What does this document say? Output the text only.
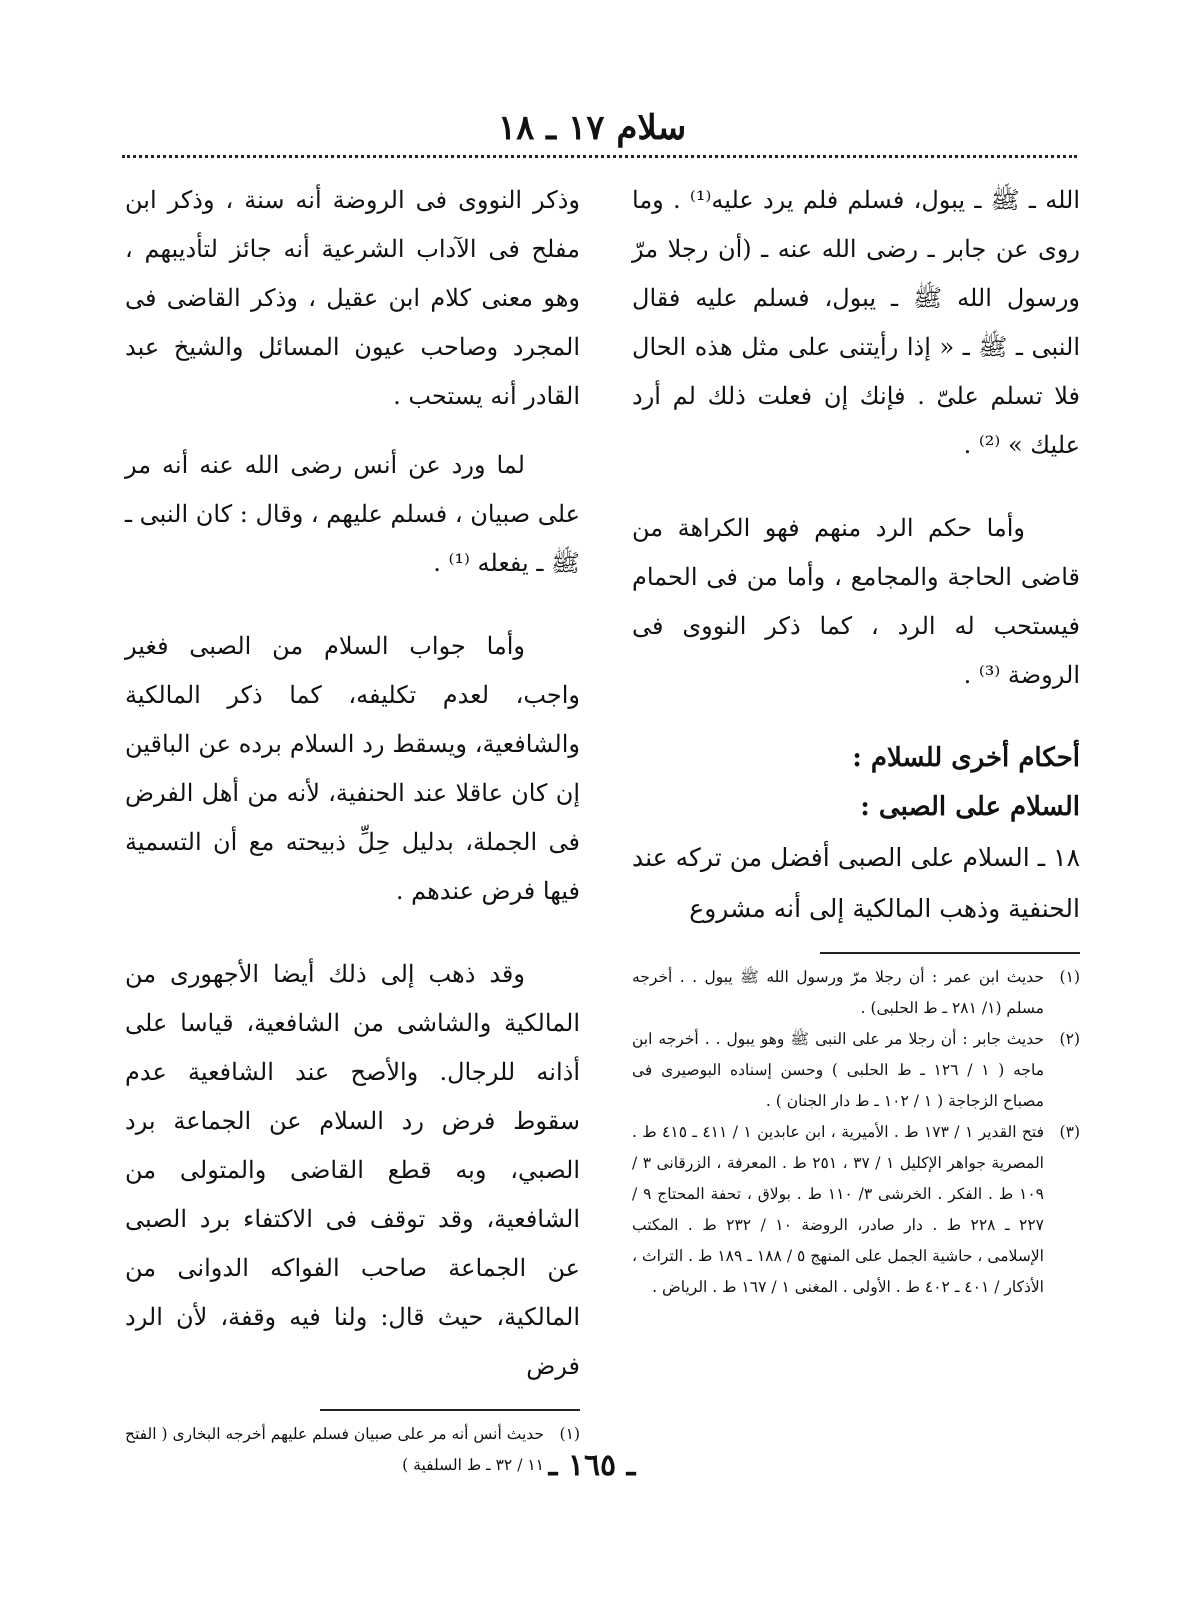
سلام ١٧ ـ ١٨

الله ـ ﷺ ـ يبول، فسلم فلم يرد عليه⁽¹⁾ . وما روى عن جابر ـ رضى الله عنه ـ (أن رجلا مرّ ورسول الله ﷺ ـ يبول، فسلم عليه فقال النبى ـ ﷺ ـ « إذا رأيتنى على مثل هذه الحال فلا تسلم علىّ . فإنك إن فعلت ذلك لم أرد عليك » ⁽²⁾ .

وأما حكم الرد منهم فهو الكراهة من قاضى الحاجة والمجامع ، وأما من فى الحمام فيستحب له الرد ، كما ذكر النووى فى الروضة ⁽³⁾ .

أحكام أخرى للسلام :

السلام على الصبى :

١٨ ـ السلام على الصبى أفضل من تركه عند الحنفية وذهب المالكية إلى أنه مشروع

(١)
حديث ابن عمر : أن رجلا مرّ ورسول الله ﷺ يبول . . أخرجه مسلم (١/ ٢٨١ ـ ط الحلبى) .
(٢)
حديث جابر : أن رجلا مر على النبى ﷺ وهو يبول . . أخرجه ابن ماجه ( ١ / ١٢٦ ـ ط الحلبى ) وحسن إسناده البوصيرى فى مصباح الزجاجة ( ١ / ١٠٢ ـ ط دار الجنان ) .
(٣)
فتح القدير ١ / ١٧٣ ط . الأميرية ، ابن عابدين ١ / ٤١١ ـ ٤١٥ ط . المصرية جواهر الإكليل ١ / ٣٧ ، ٢٥١ ط . المعرفة ، الزرقانى ٣ / ١٠٩ ط . الفكر . الخرشى ٣/ ١١٠ ط . بولاق ، تحفة المحتاج ٩ / ٢٢٧ ـ ٢٢٨ ط . دار صادر، الروضة ١٠ / ٢٣٢ ط . المكتب الإسلامى ، حاشية الجمل على المنهج ٥ / ١٨٨ ـ ١٨٩ ط . التراث ، الأذكار / ٤٠١ ـ ٤٠٢ ط . الأولى . المغنى ١ / ١٦٧ ط . الرياض .

وذكر النووى فى الروضة أنه سنة ، وذكر ابن مفلح فى الآداب الشرعية أنه جائز لتأديبهم ، وهو معنى كلام ابن عقيل ، وذكر القاضى فى المجرد وصاحب عيون المسائل والشيخ عبد القادر أنه يستحب .

لما ورد عن أنس رضى الله عنه أنه مر على صبيان ، فسلم عليهم ، وقال : كان النبى ـ ﷺ ـ يفعله ⁽¹⁾ .

وأما جواب السلام من الصبى فغير واجب، لعدم تكليفه، كما ذكر المالكية والشافعية، ويسقط رد السلام برده عن الباقين إن كان عاقلا عند الحنفية، لأنه من أهل الفرض فى الجملة، بدليل حِلِّ ذبيحته مع أن التسمية فيها فرض عندهم .

وقد ذهب إلى ذلك أيضا الأجهورى من المالكية والشاشى من الشافعية، قياسا على أذانه للرجال. والأصح عند الشافعية عدم سقوط فرض رد السلام عن الجماعة برد الصبي، وبه قطع القاضى والمتولى من الشافعية، وقد توقف فى الاكتفاء برد الصبى عن الجماعة صاحب الفواكه الدوانى من المالكية، حيث قال: ولنا فيه وقفة، لأن الرد فرض

(١)
حديث أنس أنه مر على صبيان فسلم عليهم أخرجه البخارى ( الفتح ١١ / ٣٢ ـ ط السلفية ) ـ ١٦٥ ـ
